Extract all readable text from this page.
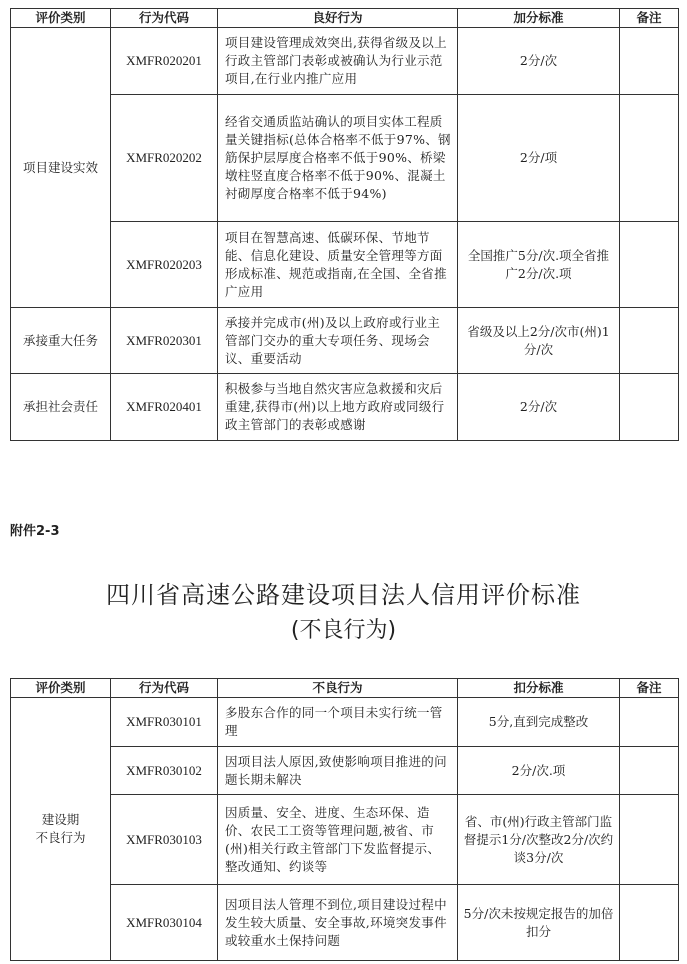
评价类别	行为代码	良好行为	加分标准	备注
项目建设实效	XMFR020201	项目建设管理成效突出,获得省级及以上行政主管部门表彰或被确认为行业示范项目,在行业内推广应用	2分/次	
	XMFR020202	经省交通质监站确认的项目实体工程质量关键指标(总体合格率不低于97%、钢筋保护层厚度合格率不低于90%、桥梁墩柱竖直度合格率不低于90%、混凝土衬砌厚度合格率不低于94%)	2分/项	
	XMFR020203	项目在智慧高速、低碳环保、节地节能、信息化建设、质量安全管理等方面形成标准、规范或指南,在全国、全省推广应用	全国推广5分/次.项全省推广2分/次.项	
承接重大任务	XMFR020301	承接并完成市(州)及以上政府或行业主管部门交办的重大专项任务、现场会议、重要活动	省级及以上2分/次市(州)1分/次	
承担社会责任	XMFR020401	积极参与当地自然灾害应急救援和灾后重建,获得市(州)以上地方政府或同级行政主管部门的表彰或感谢	2分/次	
附件2-3
四川省高速公路建设项目法人信用评价标准
(不良行为)
评价类别	行为代码	不良行为	扣分标准	备注
建设期
不良行为	XMFR030101	多股东合作的同一个项目未实行统一管理	5分,直到完成整改	
	XMFR030102	因项目法人原因,致使影响项目推进的问题长期未解决	2分/次.项	
	XMFR030103	因质量、安全、进度、生态环保、造价、农民工工资等管理问题,被省、市(州)相关行政主管部门下发监督提示、整改通知、约谈等	省、市(州)行政主管部门监督提示1分/次整改2分/次约谈3分/次	
	XMFR030104	因项目法人管理不到位,项目建设过程中发生较大质量、安全事故,环境突发事件或较重水土保持问题	5分/次未按规定报告的加倍扣分	
